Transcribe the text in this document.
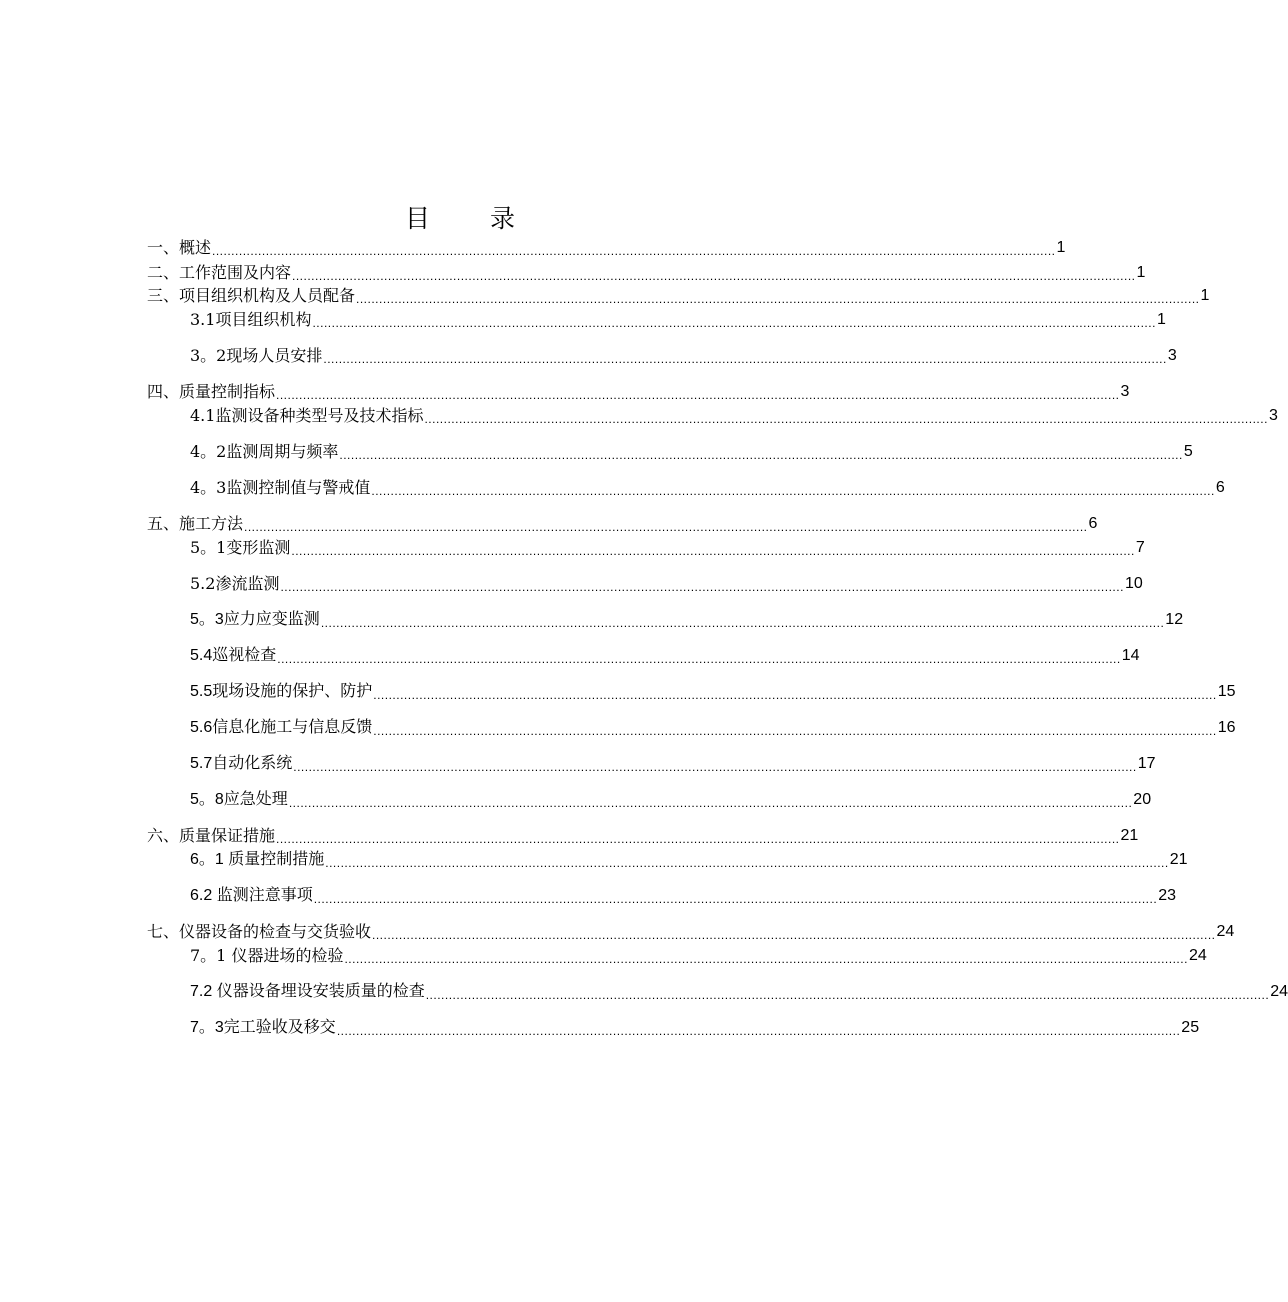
目 录
一、概述 ............................................................................................................................................................................................................................ 1
二、工作范围及内容 ............................................................................................................................................................................................................................ 1
三、项目组织机构及人员配备 ............................................................................................................................................................................................................................ 1
3.1项目组织机构 ............................................................................................................................................................................................................................ 1
3。2现场人员安排 ............................................................................................................................................................................................................................ 3
四、质量控制指标 ............................................................................................................................................................................................................................ 3
4.1监测设备种类型号及技术指标 ............................................................................................................................................................................................................................ 3
4。2监测周期与频率 ............................................................................................................................................................................................................................ 5
4。3监测控制值与警戒值 ............................................................................................................................................................................................................................ 6
五、施工方法 ............................................................................................................................................................................................................................ 6
5。1变形监测 ............................................................................................................................................................................................................................ 7
5.2渗流监测 ............................................................................................................................................................................................................................ 10
5。3应力应变监测 ............................................................................................................................................................................................................................ 12
5.4巡视检查 ............................................................................................................................................................................................................................ 14
5.5现场设施的保护、防护 ............................................................................................................................................................................................................................ 15
5.6信息化施工与信息反馈 ............................................................................................................................................................................................................................ 16
5.7自动化系统 ............................................................................................................................................................................................................................ 17
5。8应急处理 ............................................................................................................................................................................................................................ 20
六、质量保证措施 ............................................................................................................................................................................................................................ 21
6。1 质量控制措施 ............................................................................................................................................................................................................................ 21
6.2 监测注意事项 ............................................................................................................................................................................................................................ 23
七、仪器设备的检查与交货验收 ............................................................................................................................................................................................................................ 24
7。1 仪器进场的检验 ............................................................................................................................................................................................................................ 24
7.2 仪器设备埋设安装质量的检查 ............................................................................................................................................................................................................................ 24
7。3完工验收及移交 ............................................................................................................................................................................................................................ 25
